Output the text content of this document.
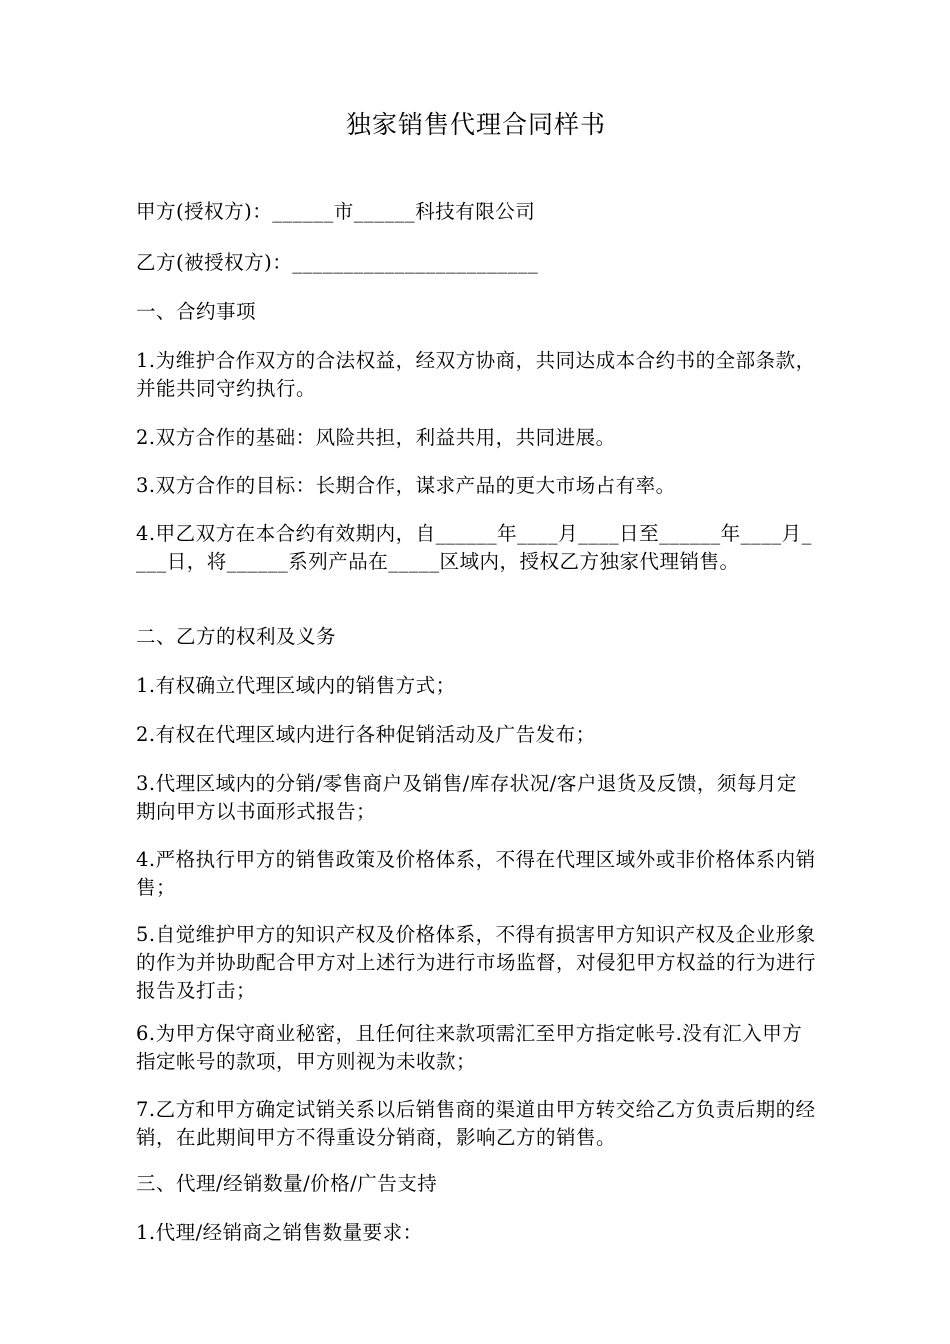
独家销售代理合同样书

甲方(授权方)：______市______科技有限公司

乙方(被授权方)：________________________

一、合约事项

1.为维护合作双方的合法权益，经双方协商，共同达成本合约书的全部条款，并能共同守约执行。

2.双方合作的基础：风险共担，利益共用，共同进展。

3.双方合作的目标：长期合作，谋求产品的更大市场占有率。

4.甲乙双方在本合约有效期内，自______年____月____日至______年____月____日，将______系列产品在_____区域内，授权乙方独家代理销售。

二、乙方的权利及义务

1.有权确立代理区域内的销售方式；

2.有权在代理区域内进行各种促销活动及广告发布；

3.代理区域内的分销/零售商户及销售/库存状况/客户退货及反馈，须每月定期向甲方以书面形式报告；

4.严格执行甲方的销售政策及价格体系，不得在代理区域外或非价格体系内销售；

5.自觉维护甲方的知识产权及价格体系，不得有损害甲方知识产权及企业形象的作为并协助配合甲方对上述行为进行市场监督，对侵犯甲方权益的行为进行报告及打击；

6.为甲方保守商业秘密，且任何往来款项需汇至甲方指定帐号.没有汇入甲方指定帐号的款项，甲方则视为未收款；

7.乙方和甲方确定试销关系以后销售商的渠道由甲方转交给乙方负责后期的经销，在此期间甲方不得重设分销商，影响乙方的销售。

三、代理/经销数量/价格/广告支持

1.代理/经销商之销售数量要求：
